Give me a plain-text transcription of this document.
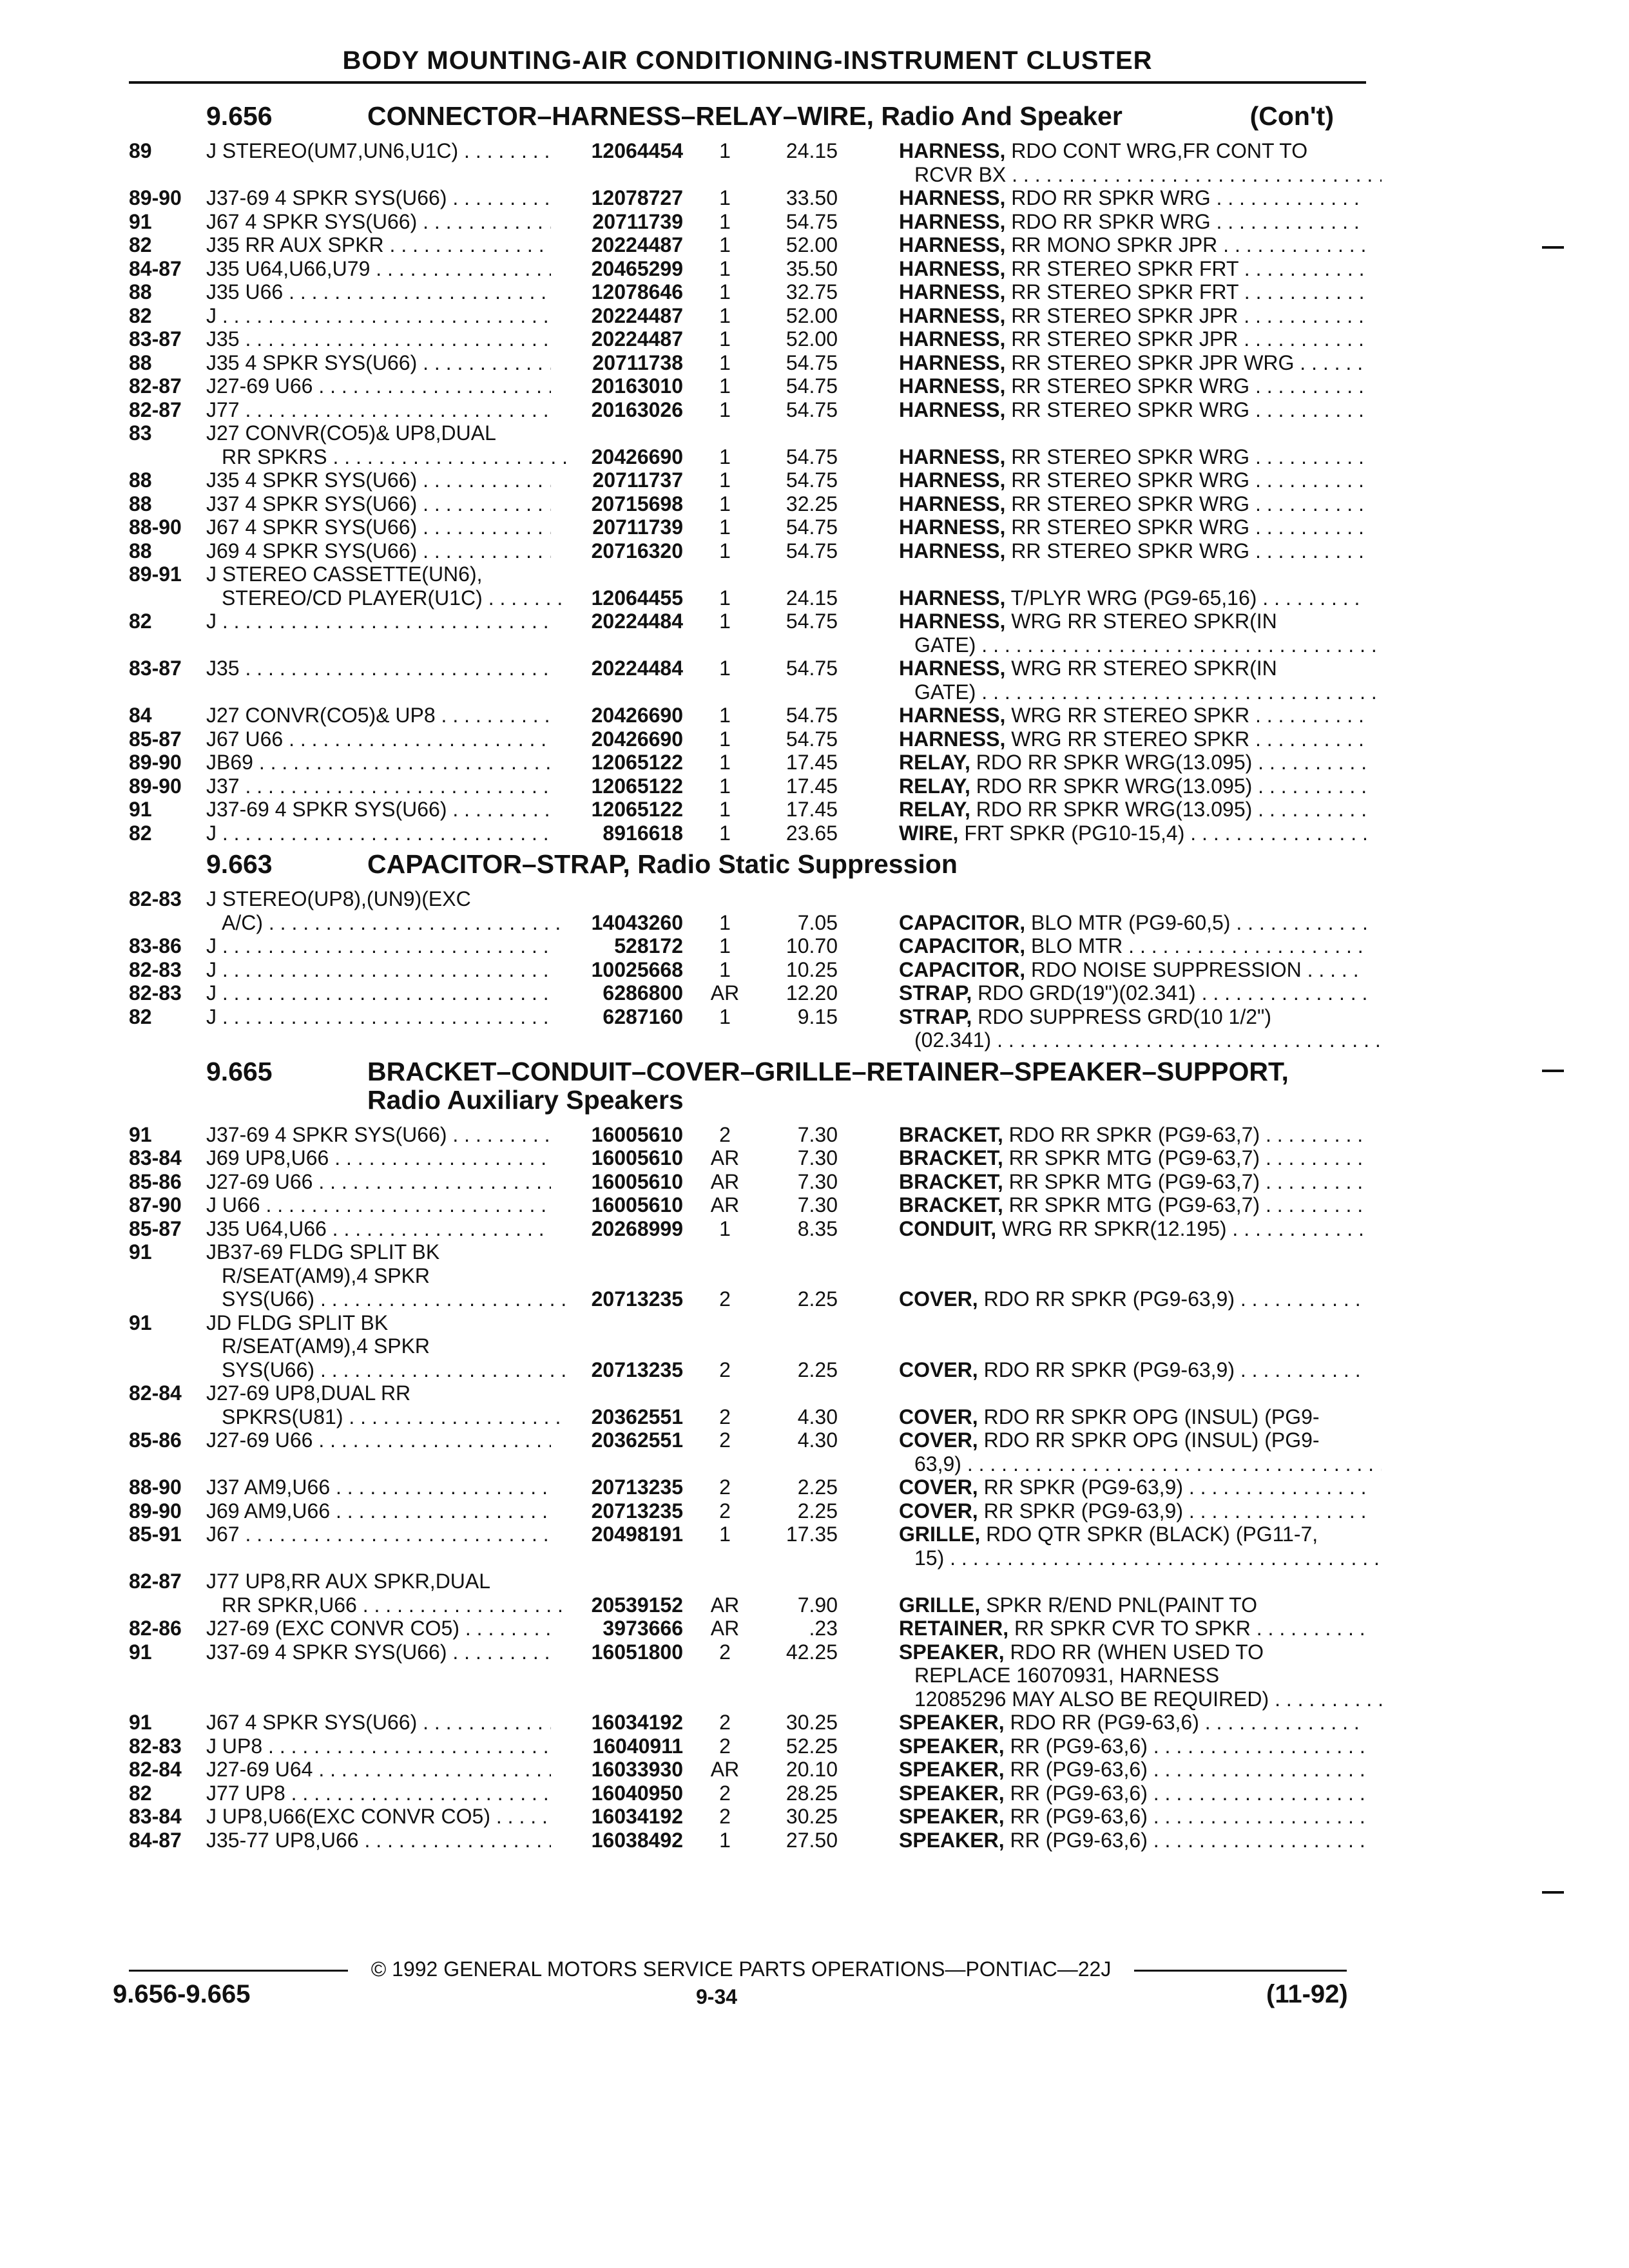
BODY MOUNTING-AIR CONDITIONING-INSTRUMENT CLUSTER
9.656	CONNECTOR–HARNESS–RELAY–WIRE, Radio And Speaker	(Con't)
89	J STEREO(UM7,UN6,U1C) . . .	12064454	1	24.15	HARNESS, RDO CONT WRG,FR CONT TO
RCVR BX . . .
89-90 J37-69 4 SPKR SYS(U66) . . .	12078727	1	33.50	HARNESS, RDO RR SPKR WRG . . .
91	J67 4 SPKR SYS(U66) . . .	20711739	1	54.75	HARNESS, RDO RR SPKR WRG . . .
82	J35 RR AUX SPKR . . .	20224487	1	52.00	HARNESS, RR MONO SPKR JPR . . .
84-87 J35 U64,U66,U79 . . .	20465299	1	35.50	HARNESS, RR STEREO SPKR FRT . . .
88	J35 U66 . . .	12078646	1	32.75	HARNESS, RR STEREO SPKR FRT . . .
82	J . . .	20224487	1	52.00	HARNESS, RR STEREO SPKR JPR . . .
83-87 J35 . . .	20224487	1	52.00	HARNESS, RR STEREO SPKR JPR . . .
88	J35 4 SPKR SYS(U66) . . .	20711738	1	54.75	HARNESS, RR STEREO SPKR JPR WRG . . .
82-87 J27-69 U66 . . .	20163010	1	54.75	HARNESS, RR STEREO SPKR WRG . . .
82-87 J77 . . .	20163026	1	54.75	HARNESS, RR STEREO SPKR WRG . . .
83	J27 CONVR(CO5)& UP8,DUAL
RR SPKRS . . .	20426690	1	54.75	HARNESS, RR STEREO SPKR WRG . . .
88	J35 4 SPKR SYS(U66) . . .	20711737	1	54.75	HARNESS, RR STEREO SPKR WRG . . .
88	J37 4 SPKR SYS(U66) . . .	20715698	1	32.25	HARNESS, RR STEREO SPKR WRG . . .
88-90 J67 4 SPKR SYS(U66) . . .	20711739	1	54.75	HARNESS, RR STEREO SPKR WRG . . .
88	J69 4 SPKR SYS(U66) . . .	20716320	1	54.75	HARNESS, RR STEREO SPKR WRG . . .
89-91 J STEREO CASSETTE(UN6),
STEREO/CD PLAYER(U1C) . . .	12064455	1	24.15	HARNESS, T/PLYR WRG (PG9-65,16) . . .
82	J . . .	20224484	1	54.75	HARNESS, WRG RR STEREO SPKR(IN
GATE) . . .
83-87 J35 . . .	20224484	1	54.75	HARNESS, WRG RR STEREO SPKR(IN
GATE) . . .
84	J27 CONVR(CO5)& UP8 . . .	20426690	1	54.75	HARNESS, WRG RR STEREO SPKR . . .
85-87 J67 U66 . . .	20426690	1	54.75	HARNESS, WRG RR STEREO SPKR . . .
89-90 JB69 . . .	12065122	1	17.45	RELAY, RDO RR SPKR WRG(13.095) . . .
89-90 J37 . . .	12065122	1	17.45	RELAY, RDO RR SPKR WRG(13.095) . . .
91	J37-69 4 SPKR SYS(U66) . . .	12065122	1	17.45	RELAY, RDO RR SPKR WRG(13.095) . . .
82	J . . .	8916618	1	23.65	WIRE, FRT SPKR (PG10-15,4) . . .
9.663	CAPACITOR–STRAP, Radio Static Suppression
82-83 J STEREO(UP8),(UN9)(EXC
A/C) . . .	14043260	1	7.05	CAPACITOR, BLO MTR (PG9-60,5) . . .
83-86 J . . .	528172	1	10.70	CAPACITOR, BLO MTR . . .
82-83 J . . .	10025668	1	10.25	CAPACITOR, RDO NOISE SUPPRESSION . . .
82-83 J . . .	6286800	AR	12.20	STRAP, RDO GRD(19")(02.341) . . .
82	J . . .	6287160	1	9.15	STRAP, RDO SUPPRESS GRD(10 1/2")
(02.341) . . .
9.665	BRACKET–CONDUIT–COVER–GRILLE–RETAINER–SPEAKER–SUPPORT, Radio Auxiliary Speakers
91	J37-69 4 SPKR SYS(U66) . . .	16005610	2	7.30	BRACKET, RDO RR SPKR (PG9-63,7) . . .
83-84 J69 UP8,U66 . . .	16005610	AR	7.30	BRACKET, RR SPKR MTG (PG9-63,7) . . .
85-86 J27-69 U66 . . .	16005610	AR	7.30	BRACKET, RR SPKR MTG (PG9-63,7) . . .
87-90 J U66 . . .	16005610	AR	7.30	BRACKET, RR SPKR MTG (PG9-63,7) . . .
85-87 J35 U64,U66 . . .	20268999	1	8.35	CONDUIT, WRG RR SPKR(12.195) . . .
91	JB37-69 FLDG SPLIT BK
R/SEAT(AM9),4 SPKR
SYS(U66) . . .	20713235	2	2.25	COVER, RDO RR SPKR (PG9-63,9) . . .
91	JD FLDG SPLIT BK
R/SEAT(AM9),4 SPKR
SYS(U66) . . .	20713235	2	2.25	COVER, RDO RR SPKR (PG9-63,9) . . .
82-84 J27-69 UP8,DUAL RR
SPKRS(U81) . . .	20362551	2	4.30	COVER, RDO RR SPKR OPG (INSUL) (PG9-
85-86 J27-69 U66 . . .	20362551	2	4.30	COVER, RDO RR SPKR OPG (INSUL) (PG9-
63,9) . . .
88-90 J37 AM9,U66 . . .	20713235	2	2.25	COVER, RR SPKR (PG9-63,9) . . .
89-90 J69 AM9,U66 . . .	20713235	2	2.25	COVER, RR SPKR (PG9-63,9) . . .
85-91 J67 . . .	20498191	1	17.35	GRILLE, RDO QTR SPKR (BLACK) (PG11-7,
15) . . .
82-87 J77 UP8,RR AUX SPKR,DUAL
RR SPKR,U66 . . .	20539152	AR	7.90	GRILLE, SPKR R/END PNL(PAINT TO
82-86 J27-69 (EXC CONVR CO5) . . .	3973666	AR	.23	RETAINER, RR SPKR CVR TO SPKR . . .
91	J37-69 4 SPKR SYS(U66) . . .	16051800	2	42.25	SPEAKER, RDO RR (WHEN USED TO
REPLACE 16070931, HARNESS
12085296 MAY ALSO BE REQUIRED) . . .
91	J67 4 SPKR SYS(U66) . . .	16034192	2	30.25	SPEAKER, RDO RR (PG9-63,6) . . .
82-83 J UP8 . . .	16040911	2	52.25	SPEAKER, RR (PG9-63,6) . . .
82-84 J27-69 U64 . . .	16033930	AR	20.10	SPEAKER, RR (PG9-63,6) . . .
82	J77 UP8 . . .	16040950	2	28.25	SPEAKER, RR (PG9-63,6) . . .
83-84 J UP8,U66(EXC CONVR CO5) . . .	16034192	2	30.25	SPEAKER, RR (PG9-63,6) . . .
84-87 J35-77 UP8,U66 . . .	16038492	1	27.50	SPEAKER, RR (PG9-63,6) . . .
© 1992 GENERAL MOTORS SERVICE PARTS OPERATIONS—PONTIAC—22J
9.656-9.665	9-34	(11-92)
